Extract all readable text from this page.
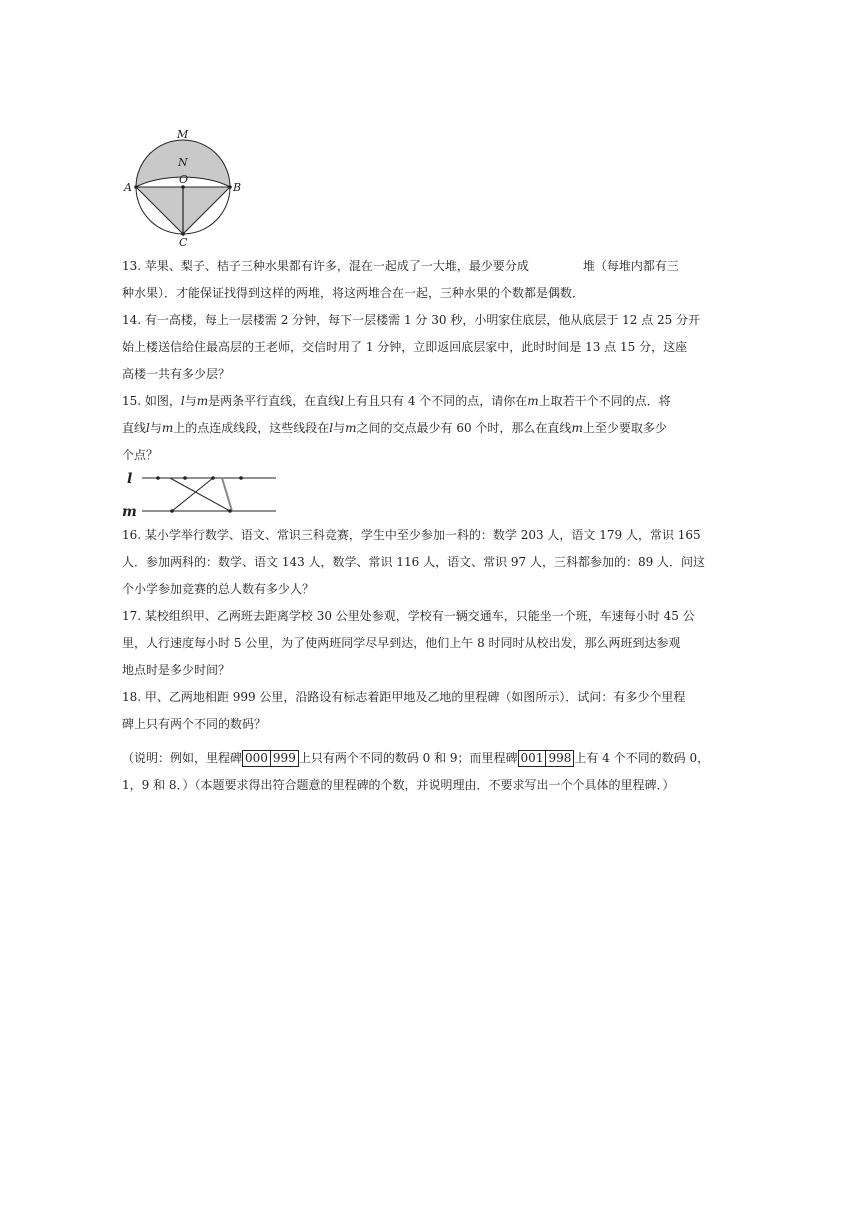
M
N
O
A	B
C
13. 苹果、梨子、桔子三种水果都有许多，混在一起成了一大堆，最少要分成	堆（每堆内都有三
种水果）．才能保证找得到这样的两堆，将这两堆合在一起，三种水果的个数都是偶数．
14. 有一高楼，每上一层楼需 2 分钟，每下一层楼需 1 分 30 秒，小明家住底层，他从底层于 12 点 25 分开
始上楼送信给住最高层的王老师，交信时用了 1 分钟，立即返回底层家中，此时时间是 13 点 15 分，这座
高楼一共有多少层？
15. 如图，l与m是两条平行直线，在直线l上有且只有 4 个不同的点，请你在m上取若干个不同的点．将
直线l与m上的点连成线段，这些线段在l与m之间的交点最少有 60 个时，那么在直线m上至少要取多少
个点？
l
m
16. 某小学举行数学、语文、常识三科竞赛，学生中至少参加一科的：数学 203 人，语文 179 人，常识 165
人．参加两科的：数学、语文 143 人，数学、常识 116 人，语文、常识 97 人，三科都参加的：89 人．问这
个小学参加竞赛的总人数有多少人？
17. 某校组织甲、乙两班去距离学校 30 公里处参观，学校有一辆交通车，只能坐一个班，车速每小时 45 公
里，人行速度每小时 5 公里，为了使两班同学尽早到达，他们上午 8 时同时从校出发，那么两班到达参观
地点时是多少时间？
18. 甲、乙两地相距 999 公里，沿路设有标志着距甲地及乙地的里程碑（如图所示）．试问：有多少个里程
碑上只有两个不同的数码？
（说明：例如，里程碑 000 999 上只有两个不同的数码 0 和 9；而里程碑 001 998 上有 4 个不同的数码 0，
1，9 和 8．）（本题要求得出符合题意的里程碑的个数，并说明理由．不要求写出一个个具体的里程碑．）
